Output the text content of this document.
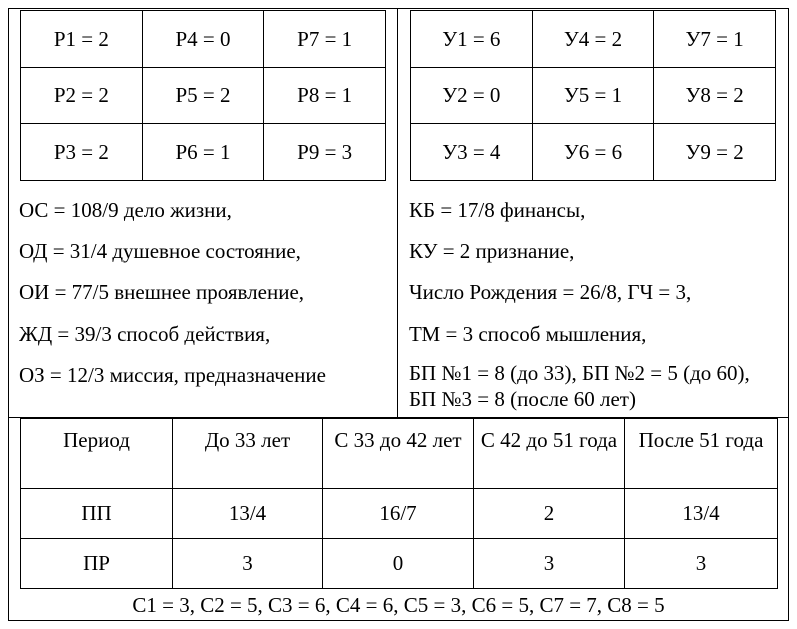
Р1 = 2	Р4 = 0	Р7 = 1
Р2 = 2	Р5 = 2	Р8 = 1
Р3 = 2	Р6 = 1	Р9 = 3
У1 = 6	У4 = 2	У7 = 1
У2 = 0	У5 = 1	У8 = 2
У3 = 4	У6 = 6	У9 = 2
ОС = 108/9 дело жизни,
ОД = 31/4 душевное состояние,
ОИ = 77/5 внешнее проявление,
ЖД = 39/3 способ действия,
ОЗ = 12/3 миссия, предназначение
КБ = 17/8 финансы,
КУ = 2 признание,
Число Рождения = 26/8, ГЧ = 3,
ТМ = 3 способ мышления,
БП №1 = 8 (до 33), БП №2 = 5 (до 60), БП №3 = 8 (после 60 лет)
Период	До 33 лет	С 33 до 42 лет	С 42 до 51 года	После 51 года
ПП	13/4	16/7	2	13/4
ПР	3	0	3	3
С1 = 3, С2 = 5, С3 = 6, С4 = 6, С5 = 3, С6 = 5, С7 = 7, С8 = 5
